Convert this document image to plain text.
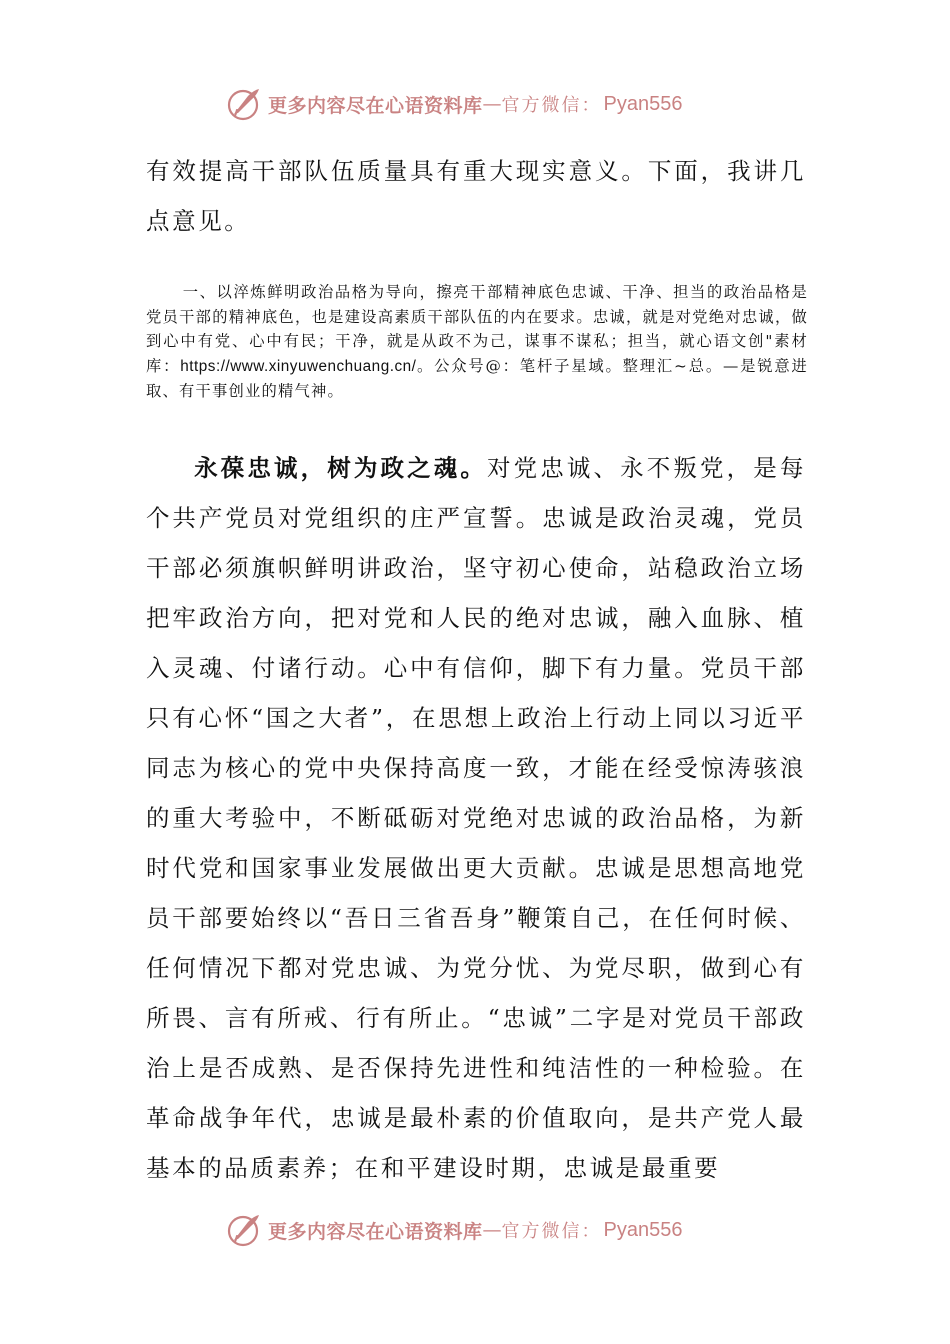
更多内容尽在心语资料库 — 官方微信： Pyan556

有效提高干部队伍质量具有重大现实意义。下面，我讲几点意见。

一、以淬炼鲜明政治品格为导向，擦亮干部精神底色忠诚、干净、担当的政治品格是党员干部的精神底色，也是建设高素质干部队伍的内在要求。忠诚，就是对党绝对忠诚，做到心中有党、心中有民；干净，就是从政不为己，谋事不谋私；担当，就心语文创"素材库：https://www.xinyuwenchuang.cn/。公众号@：笔杆子星域。整理汇~总。—是锐意进取、有干事创业的精气神。

永葆忠诚，树为政之魂。对党忠诚、永不叛党，是每个共产党员对党组织的庄严宣誓。忠诚是政治灵魂，党员干部必须旗帜鲜明讲政治，坚守初心使命，站稳政治立场把牢政治方向，把对党和人民的绝对忠诚，融入血脉、植入灵魂、付诸行动。心中有信仰，脚下有力量。党员干部只有心怀“国之大者”，在思想上政治上行动上同以习近平同志为核心的党中央保持高度一致，才能在经受惊涛骇浪的重大考验中，不断砥砺对党绝对忠诚的政治品格，为新时代党和国家事业发展做出更大贡献。忠诚是思想高地党员干部要始终以“吾日三省吾身”鞭策自己，在任何时候、任何情况下都对党忠诚、为党分忧、为党尽职，做到心有所畏、言有所戒、行有所止。“忠诚”二字是对党员干部政治上是否成熟、是否保持先进性和纯洁性的一种检验。在革命战争年代，忠诚是最朴素的价值取向，是共产党人最基本的品质素养；在和平建设时期，忠诚是最重要

更多内容尽在心语资料库 — 官方微信： Pyan556
